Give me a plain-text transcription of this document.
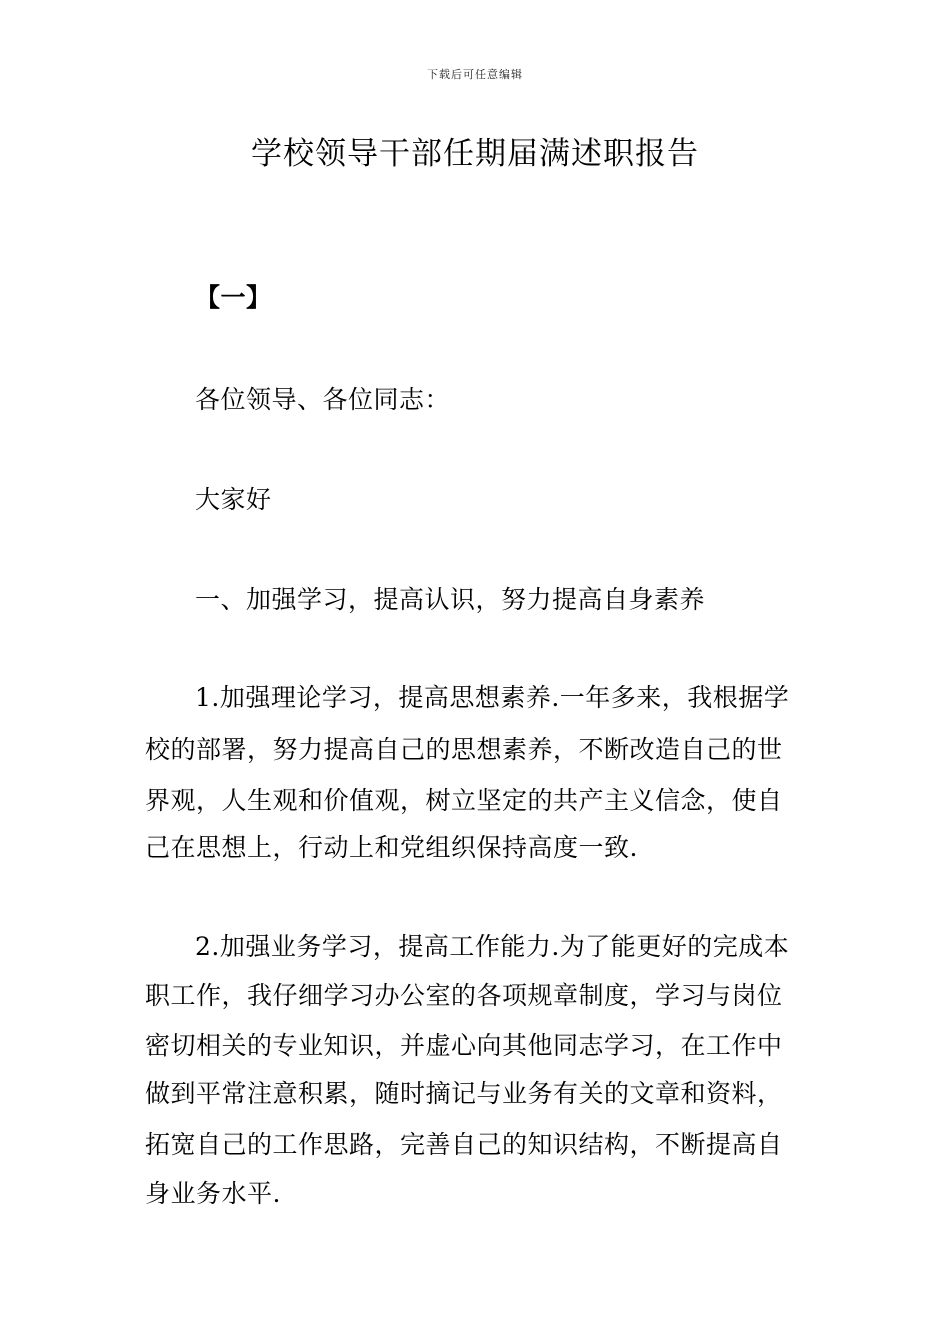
下载后可任意编辑
学校领导干部任期届满述职报告
【一】
各位领导、各位同志：
大家好
一、加强学习，提高认识，努力提高自身素养
1.加强理论学习，提高思想素养.一年多来，我根据学
校的部署，努力提高自己的思想素养，不断改造自己的世
界观，人生观和价值观，树立坚定的共产主义信念，使自
己在思想上，行动上和党组织保持高度一致.
2.加强业务学习，提高工作能力.为了能更好的完成本
职工作，我仔细学习办公室的各项规章制度，学习与岗位
密切相关的专业知识，并虚心向其他同志学习，在工作中
做到平常注意积累，随时摘记与业务有关的文章和资料，
拓宽自己的工作思路，完善自己的知识结构，不断提高自
身业务水平.
